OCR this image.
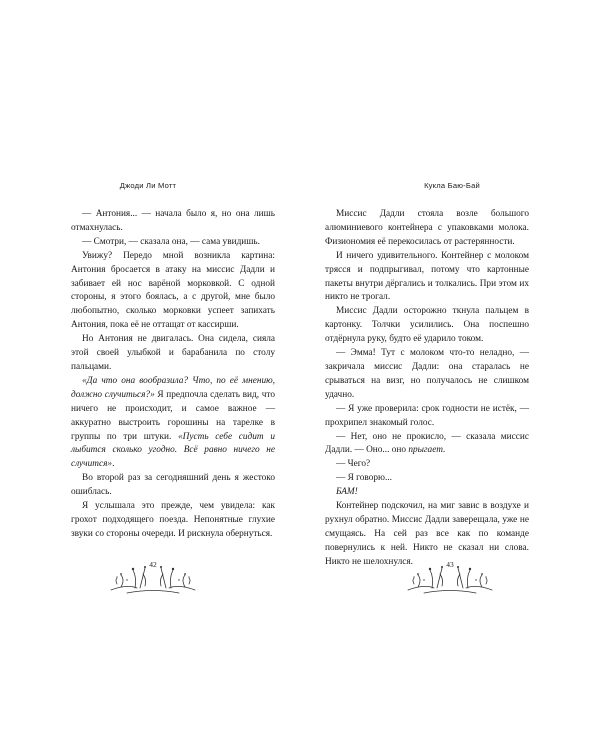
Джоди Ли Мотт

— Антония... — начала было я, но она лишь отмахнулась.

— Смотри, — сказала она, — сама увидишь.

Увижу? Передо мной возникла картина: Антония бросается в атаку на миссис Дадли и забивает ей нос варёной морковкой. С одной стороны, я этого боялась, а с другой, мне было любопытно, сколько морковки успеет запихать Антония, пока её не оттащат от кассирши.

Но Антония не двигалась. Она сидела, сияла этой своей улыбкой и барабанила по столу пальцами.

«Да что она вообразила? Что, по её мнению, должно случиться?» Я предпочла сделать вид, что ничего не происходит, и самое важное — аккуратно выстроить горошины на тарелке в группы по три штуки. «Пусть себе сидит и лыбится сколько угодно. Всё равно ничего не случится».

Во второй раз за сегодняшний день я жестоко ошиблась.

Я услышала это прежде, чем увидела: как грохот подходящего поезда. Непонятные глухие звуки со стороны очереди. И рискнула обернуться.

42
Кукла Баю-Бай

Миссис Дадли стояла возле большого алюминиевого контейнера с упаковками молока. Физиономия её перекосилась от растерянности.

И ничего удивительного. Контейнер с молоком трясся и подпрыгивал, потому что картонные пакеты внутри дёргались и толкались. При этом их никто не трогал.

Миссис Дадли осторожно ткнула пальцем в картонку. Толчки усилились. Она поспешно отдёрнула руку, будто её ударило током.

— Эмма! Тут с молоком что-то неладно, — закричала миссис Дадли: она старалась не срываться на визг, но получалось не слишком удачно.

— Я уже проверила: срок годности не истёк, — прохрипел знакомый голос.

— Нет, оно не прокисло, — сказала миссис Дадли. — Оно... оно прыгает.

— Чего?

— Я говорю...

БАМ!

Контейнер подскочил, на миг завис в воздухе и рухнул обратно. Миссис Дадли заверещала, уже не смущаясь. На сей раз все как по команде повернулись к ней. Никто не сказал ни слова. Никто не шелохнулся.	43
